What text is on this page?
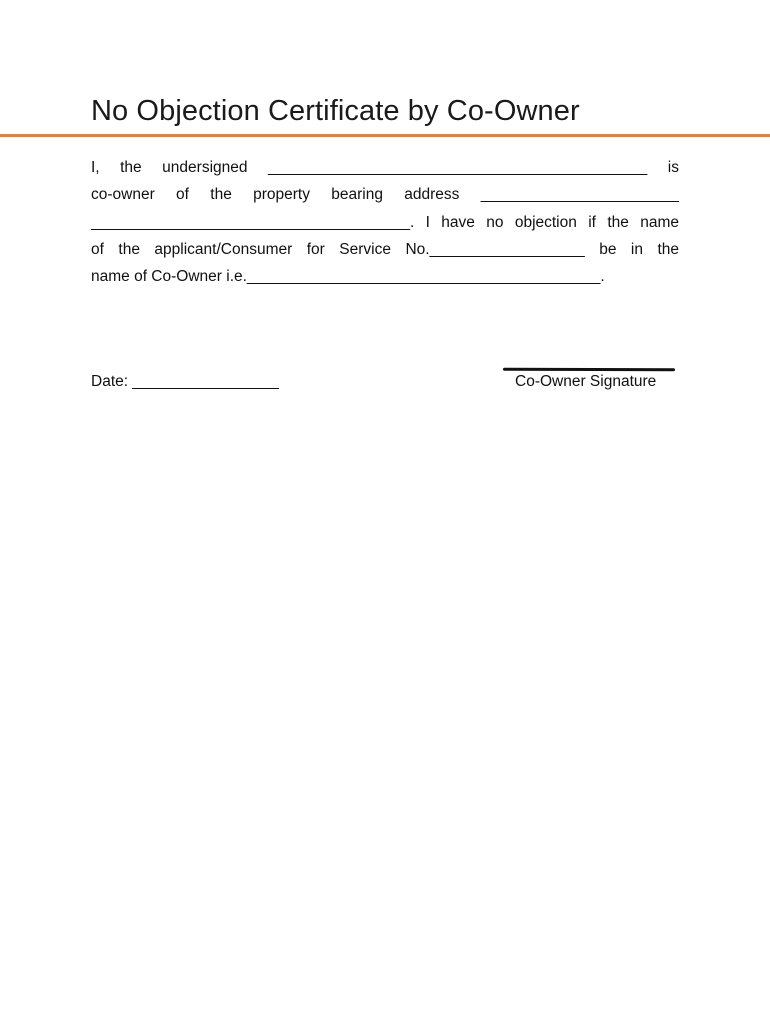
No Objection Certificate by Co-Owner
I, the undersigned ____________________________________________ is
co-owner of the property bearing address _______________________
_____________________________________. I have no objection if the name
of the applicant/Consumer for Service No.__________________ be in the
name of Co-Owner i.e._________________________________________.
Date: _________________	Co-Owner Signature
